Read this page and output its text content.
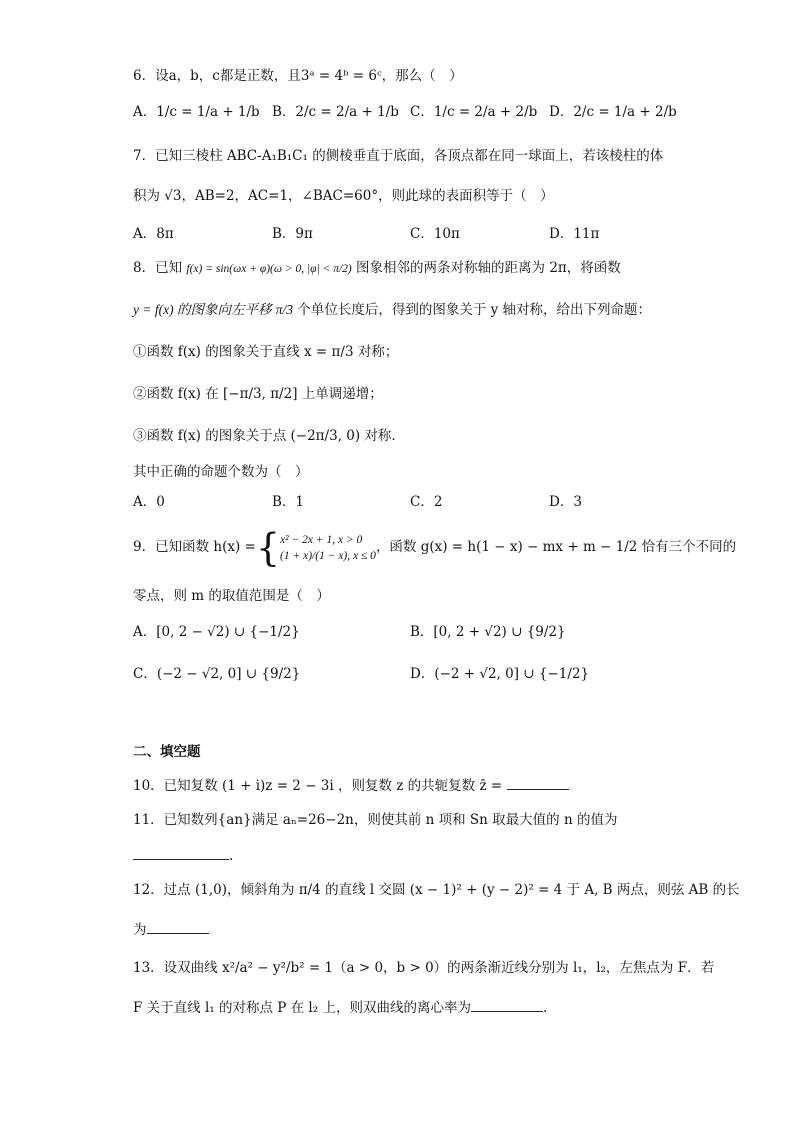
6．设a，b，c都是正数，且3ᵃ = 4ᵇ = 6ᶜ，那么（　）
A．1/c = 1/a + 1/b B．2/c = 2/a + 1/b C．1/c = 2/a + 2/b D．2/c = 1/a + 2/b
7．已知三棱柱 ABC-A₁B₁C₁ 的侧棱垂直于底面，各顶点都在同一球面上，若该棱柱的体
积为 √3，AB=2，AC=1，∠BAC=60°，则此球的表面积等于（　）
A．8π	B．9π	C．10π	D．11π
8．已知 f(x) = sin(ωx + φ)(ω > 0, |φ| < π/2) 图象相邻的两条对称轴的距离为 2π，将函数
y = f(x) 的图象向左平移 π/3 个单位长度后，得到的图象关于 y 轴对称，给出下列命题：
①函数 f(x) 的图象关于直线 x = π/3 对称；
②函数 f(x) 在 [−π/3, π/2] 上单调递增；
③函数 f(x) 的图象关于点 (−2π/3, 0) 对称.
其中正确的命题个数为（　）
A．0	B．1	C．2	D．3
9．已知函数 h(x) ={ x² − 2x + 1, x > 0
(1 + x)/(1 − x), x ≤ 0
，函数 g(x) = h(1 − x) − mx + m − 1/2 恰有三个不同的
零点，则 m 的取值范围是（　）
A．[0, 2 − √2) ∪ {−1/2}	B．[0, 2 + √2) ∪ {9/2}
C．(−2 − √2, 0] ∪ {9/2}	D．(−2 + √2, 0] ∪ {−1/2}
二、填空题
10．已知复数 (1 + i)z = 2 − 3i ，则复数 z 的共轭复数 z̄ =
11．已知数列{an}满足 aₙ=26−2n，则使其前 n 项和 Sn 取最大值的 n 的值为
.
12．过点 (1,0)，倾斜角为 π/4 的直线 l 交圆 (x − 1)² + (y − 2)² = 4 于 A, B 两点，则弦 AB 的长
为
13．设双曲线 x²/a² − y²/b² = 1（a > 0，b > 0）的两条渐近线分别为 l₁，l₂，左焦点为 F．若
F 关于直线 l₁ 的对称点 P 在 l₂ 上，则双曲线的离心率为	.
